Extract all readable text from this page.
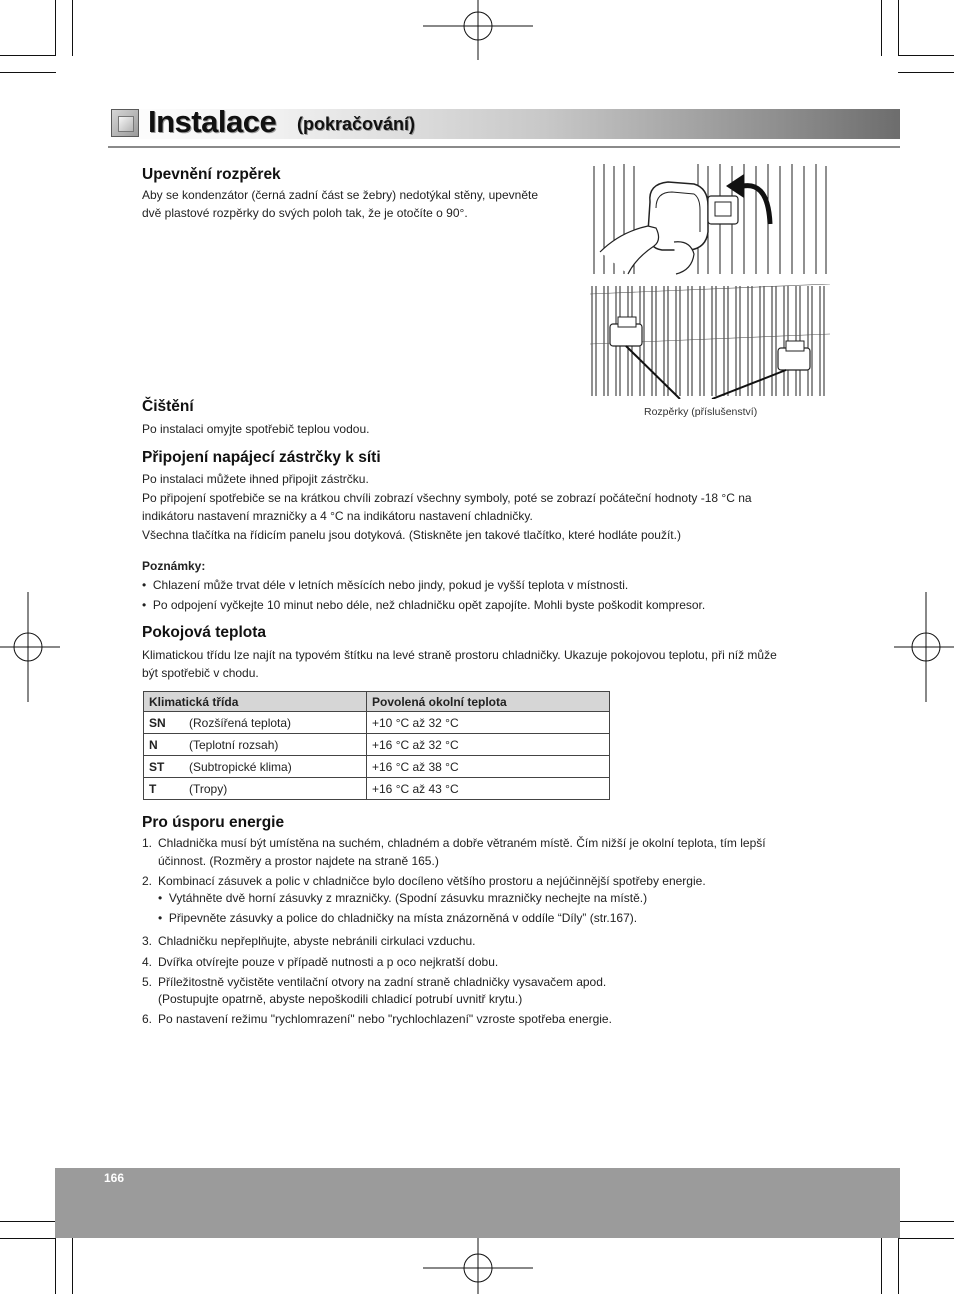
Instalace (pokračování)
Upevnění rozpěrek
Aby se kondenzátor (černá zadní část se žebry) nedotýkal stěny, upevněte
dvě plastové rozpěrky do svých poloh tak, že je otočíte o 90°.
Rozpěrky (příslušenství)
Čištění
Po instalaci omyjte spotřebič teplou vodou.
Připojení napájecí zástrčky k síti
Po instalaci můžete ihned připojit zástrčku.
Po připojení spotřebiče se na krátkou chvíli zobrazí všechny symboly, poté se zobrazí počáteční hodnoty -18 °C na
indikátoru nastavení mrazničky a 4 °C na indikátoru nastavení chladničky.
Všechna tlačítka na řídicím panelu jsou dotyková. (Stiskněte jen takové tlačítko, které hodláte použít.)
Poznámky:
•  Chlazení může trvat déle v letních měsících nebo jindy, pokud je vyšší teplota v místnosti.
•  Po odpojení vyčkejte 10 minut nebo déle, než chladničku opět zapojíte. Mohli byste poškodit kompresor.
Pokojová teplota
Klimatickou třídu lze najít na typovém štítku na levé straně prostoru chladničky. Ukazuje pokojovou teplotu, při níž může
být spotřebič v chodu.
Klimatická třída		Povolená okolní teplota
SN	(Rozšířená teplota)	+10 °C až 32 °C
N	(Teplotní rozsah)	+16 °C až 32 °C
ST	(Subtropické klima)	+16 °C až 38 °C
T	(Tropy)	+16 °C až 43 °C
Pro úsporu energie
1. Chladnička musí být umístěna na suchém, chladném a dobře větraném místě. Čím nižší je okolní teplota, tím lepší
účinnost. (Rozměry a prostor najdete na straně 165.)
2. Kombinací zásuvek a polic v chladničce bylo docíleno většího prostoru a nejúčinnější spotřeby energie.
•  Vytáhněte dvě horní zásuvky z mrazničky. (Spodní zásuvku mrazničky nechejte na místě.)
•  Připevněte zásuvky a police do chladničky na místa znázorněná v oddíle “Díly” (str.167).
3. Chladničku nepřeplňujte, abyste nebránili cirkulaci vzduchu.
4. Dvířka otvírejte pouze v případě nutnosti a p oco nejkratší dobu.
5. Příležitostně vyčistěte ventilační otvory na zadní straně chladničky vysavačem apod.
(Postupujte opatrně, abyste nepoškodili chladicí potrubí uvnitř krytu.)
6. Po nastavení režimu "rychlomrazení" nebo "rychlochlazení" vzroste spotřeba energie.
166
